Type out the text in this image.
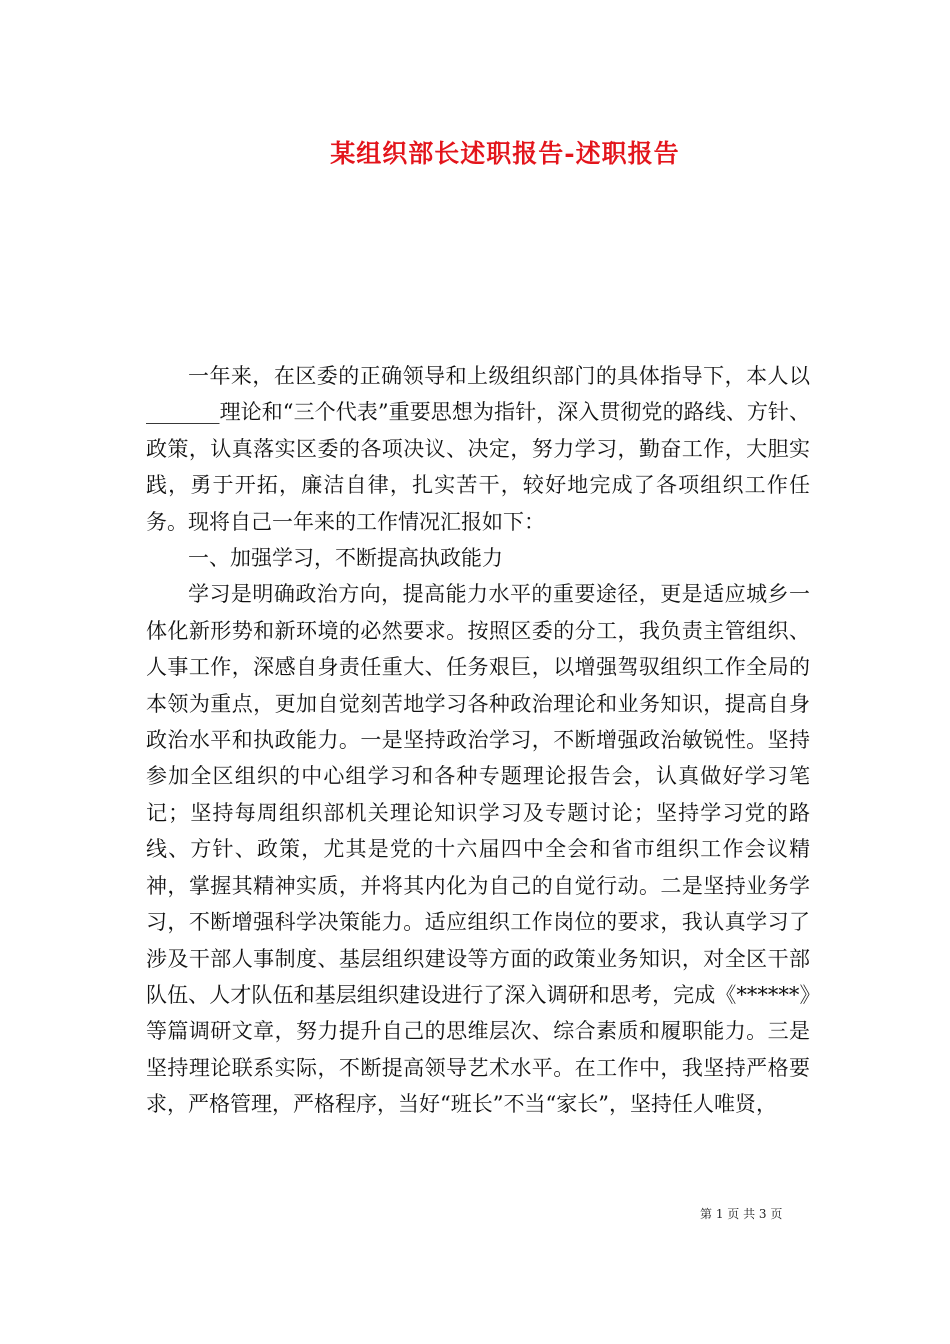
某组织部长述职报告-述职报告

一年来，在区委的正确领导和上级组织部门的具体指导下，本人以_______理论和“三个代表”重要思想为指针，深入贯彻党的路线、方针、政策，认真落实区委的各项决议、决定，努力学习，勤奋工作，大胆实践，勇于开拓，廉洁自律，扎实苦干，较好地完成了各项组织工作任务。现将自己一年来的工作情况汇报如下：

一、加强学习，不断提高执政能力

学习是明确政治方向，提高能力水平的重要途径，更是适应城乡一体化新形势和新环境的必然要求。按照区委的分工，我负责主管组织、人事工作，深感自身责任重大、任务艰巨，以增强驾驭组织工作全局的本领为重点，更加自觉刻苦地学习各种政治理论和业务知识，提高自身政治水平和执政能力。一是坚持政治学习，不断增强政治敏锐性。坚持参加全区组织的中心组学习和各种专题理论报告会，认真做好学习笔记；坚持每周组织部机关理论知识学习及专题讨论；坚持学习党的路线、方针、政策，尤其是党的十六届四中全会和省市组织工作会议精神，掌握其精神实质，并将其内化为自己的自觉行动。二是坚持业务学习，不断增强科学决策能力。适应组织工作岗位的要求，我认真学习了涉及干部人事制度、基层组织建设等方面的政策业务知识，对全区干部队伍、人才队伍和基层组织建设进行了深入调研和思考，完成《******》等篇调研文章，努力提升自己的思维层次、综合素质和履职能力。三是坚持理论联系实际，不断提高领导艺术水平。在工作中，我坚持严格要求，严格管理，严格程序，当好“班长”不当“家长”，坚持任人唯贤，

第 1 页 共 3 页
